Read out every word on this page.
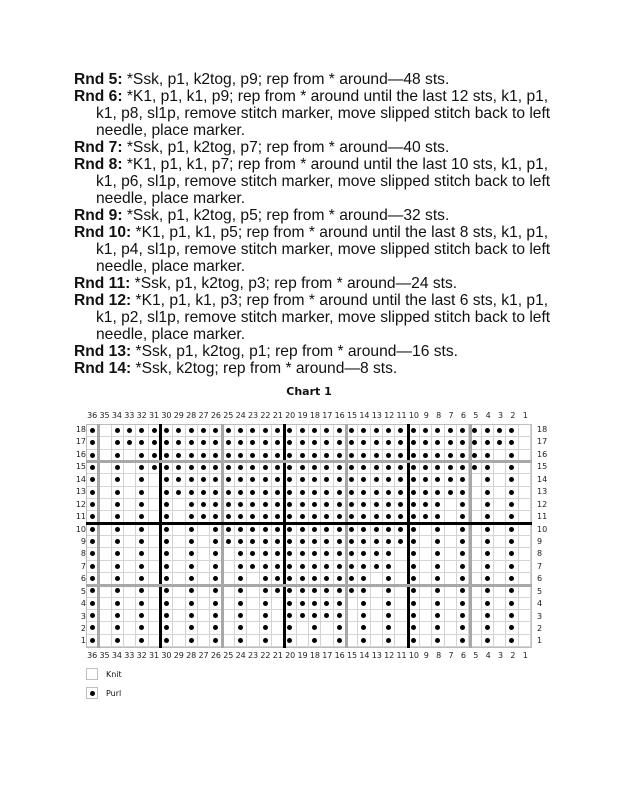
Rnd 5: *Ssk, p1, k2tog, p9; rep from * around—48 sts.

Rnd 6: *K1, p1, k1, p9; rep from * around until the last 12 sts, k1, p1, k1, p8, sl1p, remove stitch marker, move slipped stitch back to left needle, place marker.

Rnd 7: *Ssk, p1, k2tog, p7; rep from * around—40 sts.

Rnd 8: *K1, p1, k1, p7; rep from * around until the last 10 sts, k1, p1, k1, p6, sl1p, remove stitch marker, move slipped stitch back to left needle, place marker.

Rnd 9: *Ssk, p1, k2tog, p5; rep from * around—32 sts.

Rnd 10: *K1, p1, k1, p5; rep from * around until the last 8 sts, k1, p1, k1, p4, sl1p, remove stitch marker, move slipped stitch back to left needle, place marker.

Rnd 11: *Ssk, p1, k2tog, p3; rep from * around—24 sts.

Rnd 12: *K1, p1, k1, p3; rep from * around until the last 6 sts, k1, p1, k1, p2, sl1p, remove stitch marker, move slipped stitch back to left needle, place marker.

Rnd 13: *Ssk, p1, k2tog, p1; rep from * around—16 sts.

Rnd 14: *Ssk, k2tog; rep from * around—8 sts.

Chart 1
36 35 34 33 32 31 30 29 28 27 26 25 24 23 22 21 20 19 18 17 16 15 14 13 12 11 10 9 8 7 6 5 4 3 2 1
36 35 34 33 32 31 30 29 28 27 26 25 24 23 22 21 20 19 18 17 16 15 14 13 12 11 10 9 8 7 6 5 4 3 2 1
18
17
16
15
14
13
12
11
10
9
8
7
6
5
4
3
2
1
18
17
16
15
14
13
12
11
10
9
8
7
6
5
4
3
2
1
Knit
Purl
